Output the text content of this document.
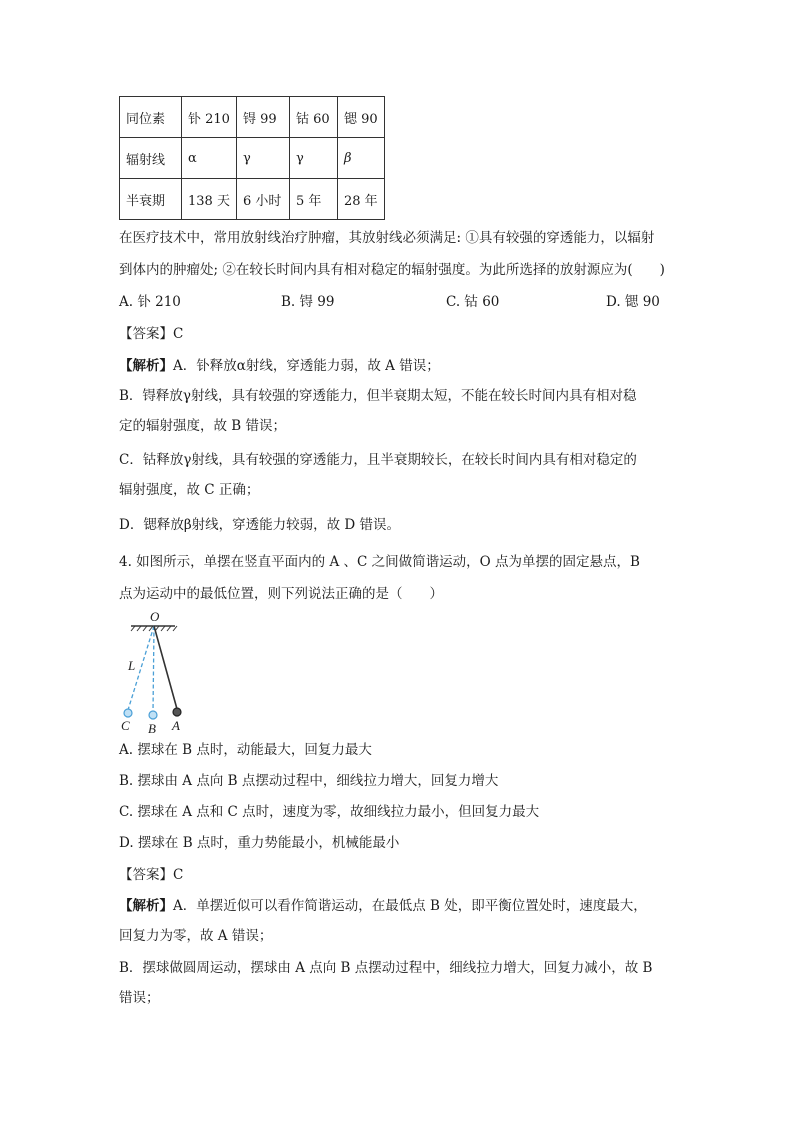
同位素	钋 210	锝 99	钴 60	锶 90
辐射线	α	γ	γ	β
半衰期	138 天	6 小时	5 年	28 年
在医疗技术中，常用放射线治疗肿瘤，其放射线必须满足: ①具有较强的穿透能力，以辐射
到体内的肿瘤处; ②在较长时间内具有相对稳定的辐射强度。为此所选择的放射源应为(　　)
A. 钋 210	B. 锝 99	C. 钴 60	D. 锶 90
【答案】C
【解析】A．钋释放α射线，穿透能力弱，故 A 错误；
B．锝释放γ射线，具有较强的穿透能力，但半衰期太短，不能在较长时间内具有相对稳
定的辐射强度，故 B 错误；
C．钴释放γ射线，具有较强的穿透能力，且半衰期较长，在较长时间内具有相对稳定的
辐射强度，故 C 正确；
D．锶释放β射线，穿透能力较弱，故 D 错误。
4. 如图所示，单摆在竖直平面内的 A 、C 之间做简谐运动，O 点为单摆的固定悬点，B
点为运动中的最低位置，则下列说法正确的是（　　）
O
L
C B A
A. 摆球在 B 点时，动能最大，回复力最大
B. 摆球由 A 点向 B 点摆动过程中，细线拉力增大，回复力增大
C. 摆球在 A 点和 C 点时，速度为零，故细线拉力最小，但回复力最大
D. 摆球在 B 点时，重力势能最小，机械能最小
【答案】C
【解析】A．单摆近似可以看作简谐运动，在最低点 B 处，即平衡位置处时，速度最大，
回复力为零，故 A 错误；
B．摆球做圆周运动，摆球由 A 点向 B 点摆动过程中，细线拉力增大，回复力减小，故 B
错误；
